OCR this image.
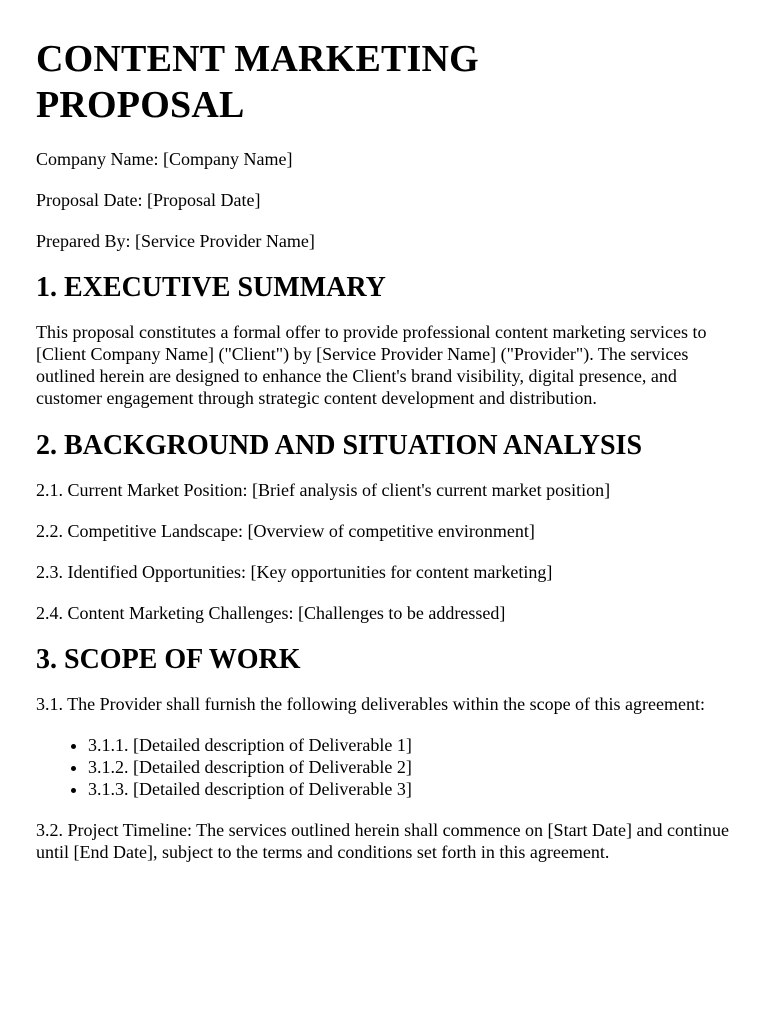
CONTENT MARKETING
PROPOSAL

Company Name: [Company Name]

Proposal Date: [Proposal Date]

Prepared By: [Service Provider Name]

1. EXECUTIVE SUMMARY

This proposal constitutes a formal offer to provide professional content marketing services to [Client Company Name] ("Client") by [Service Provider Name] ("Provider"). The services outlined herein are designed to enhance the Client's brand visibility, digital presence, and customer engagement through strategic content development and distribution.

2. BACKGROUND AND SITUATION ANALYSIS

2.1. Current Market Position: [Brief analysis of client's current market position]

2.2. Competitive Landscape: [Overview of competitive environment]

2.3. Identified Opportunities: [Key opportunities for content marketing]

2.4. Content Marketing Challenges: [Challenges to be addressed]

3. SCOPE OF WORK

3.1. The Provider shall furnish the following deliverables within the scope of this agreement:

• 3.1.1. [Detailed description of Deliverable 1]
• 3.1.2. [Detailed description of Deliverable 2]
• 3.1.3. [Detailed description of Deliverable 3]

3.2. Project Timeline: The services outlined herein shall commence on [Start Date] and continue until [End Date], subject to the terms and conditions set forth in this agreement.
